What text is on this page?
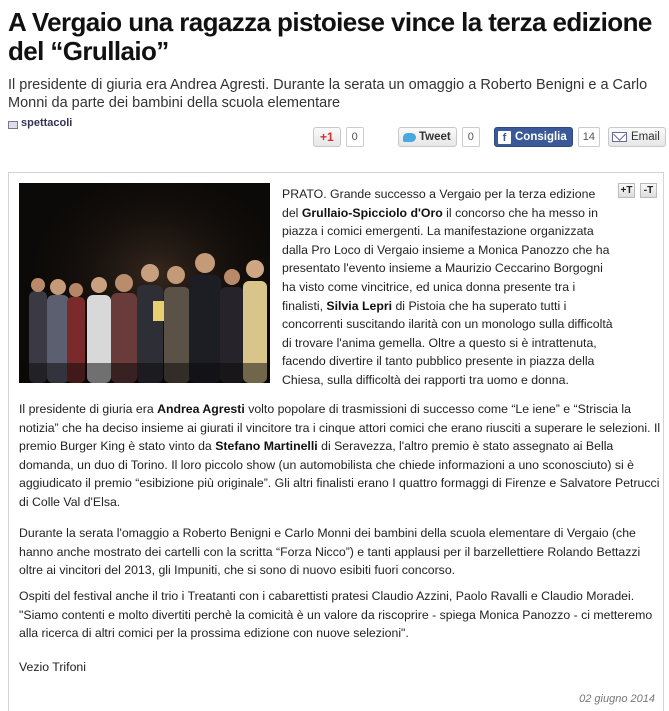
A Vergaio una ragazza pistoiese vince la terza edizione del “Grullaio”

Il presidente di giuria era Andrea Agresti. Durante la serata un omaggio a Roberto Benigni e a Carlo Monni da parte dei bambini della scuola elementare

spettacoli
+1	0	Tweet	0	f Consiglia	14	Email
+T	-T

PRATO. Grande successo a Vergaio per la terza edizione del Grullaio-Spicciolo d'Oro il concorso che ha messo in piazza i comici emergenti. La manifestazione organizzata dalla Pro Loco di Vergaio insieme a Monica Panozzo che ha presentato l'evento insieme a Maurizio Ceccarino Borgogni ha visto come vincitrice, ed unica donna presente tra i finalisti, Silvia Lepri di Pistoia che ha superato tutti i concorrenti suscitando ilarità con un monologo sulla difficoltà di trovare l'anima gemella. Oltre a questo si è intrattenuta, facendo divertire il tanto pubblico presente in piazza della Chiesa, sulla difficoltà dei rapporti tra uomo e donna.

Il presidente di giuria era Andrea Agresti volto popolare di trasmissioni di successo come “Le iene” e “Striscia la notizia” che ha deciso insieme ai giurati il vincitore tra i cinque attori comici che erano riusciti a superare le selezioni. Il premio Burger King è stato vinto da Stefano Martinelli di Seravezza, l'altro premio è stato assegnato ai Bella domanda, un duo di Torino. Il loro piccolo show (un automobilista che chiede informazioni a uno sconosciuto) si è aggiudicato il premio “esibizione più originale”. Gli altri finalisti erano I quattro formaggi di Firenze e Salvatore Petrucci di Colle Val d'Elsa.

Durante la serata l'omaggio a Roberto Benigni e Carlo Monni dei bambini della scuola elementare di Vergaio (che hanno anche mostrato dei cartelli con la scritta “Forza Nicco”) e tanti applausi per il barzellettiere Rolando Bettazzi oltre ai vincitori del 2013, gli Impuniti, che si sono di nuovo esibiti fuori concorso.

Ospiti del festival anche il trio i Treatanti con i cabarettisti pratesi Claudio Azzini, Paolo Ravalli e Claudio Moradei. "Siamo contenti e molto divertiti perchè la comicità è un valore da riscoprire - spiega Monica Panozzo - ci metteremo alla ricerca di altri comici per la prossima edizione con nuove selezioni".

Vezio Trifoni

02 giugno 2014
